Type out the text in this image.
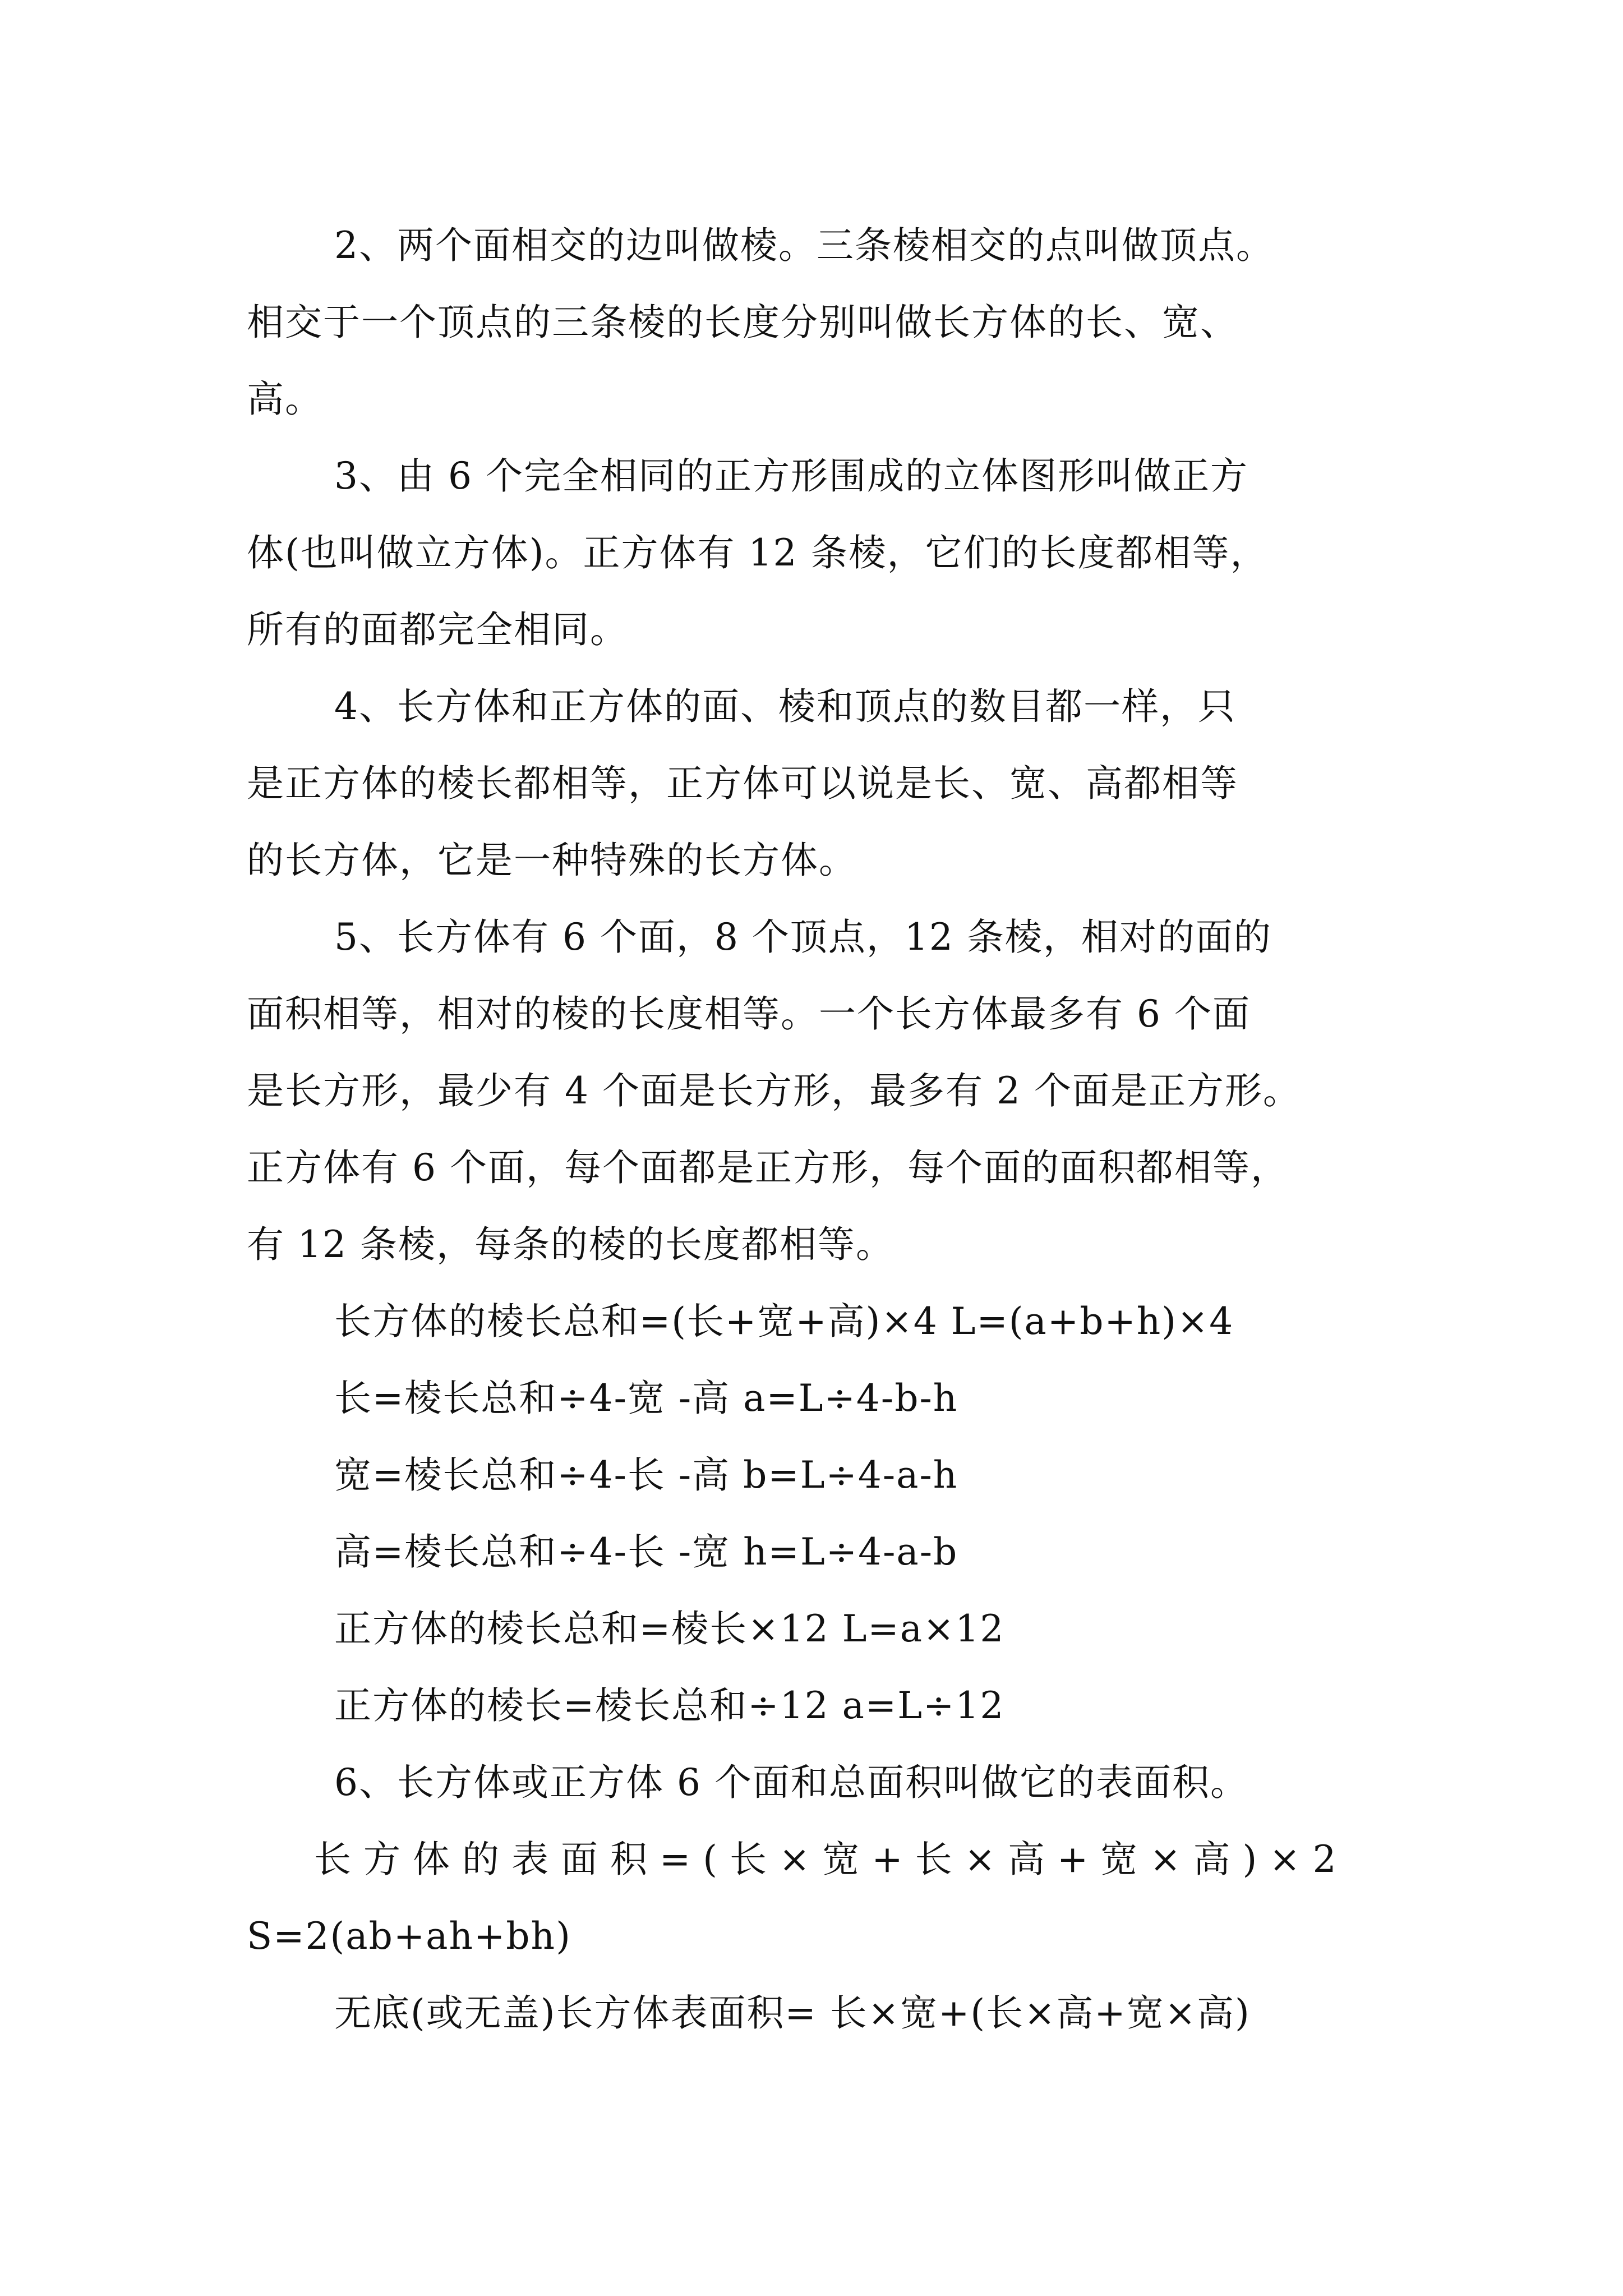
2、两个面相交的边叫做棱。三条棱相交的点叫做顶点。
相交于一个顶点的三条棱的长度分别叫做长方体的长、宽、
高。
3、由 6 个完全相同的正方形围成的立体图形叫做正方
体(也叫做立方体)。正方体有 12 条棱，它们的长度都相等，
所有的面都完全相同。
4、长方体和正方体的面、棱和顶点的数目都一样，只
是正方体的棱长都相等，正方体可以说是长、宽、高都相等
的长方体，它是一种特殊的长方体。
5、长方体有 6 个面，8 个顶点，12 条棱，相对的面的
面积相等，相对的棱的长度相等。一个长方体最多有 6 个面
是长方形，最少有 4 个面是长方形，最多有 2 个面是正方形。
正方体有 6 个面，每个面都是正方形，每个面的面积都相等，
有 12 条棱，每条的棱的长度都相等。
长方体的棱长总和=(长+宽+高)×4 L=(a+b+h)×4
长=棱长总和÷4-宽 -高 a=L÷4-b-h
宽=棱长总和÷4-长 -高 b=L÷4-a-h
高=棱长总和÷4-长 -宽 h=L÷4-a-b
正方体的棱长总和=棱长×12 L=a×12
正方体的棱长=棱长总和÷12 a=L÷12
6、长方体或正方体 6 个面和总面积叫做它的表面积。
长方体的表面积=(长×宽+长×高+宽×高)×2
S=2(ab+ah+bh)
无底(或无盖)长方体表面积= 长×宽+(长×高+宽×高)
